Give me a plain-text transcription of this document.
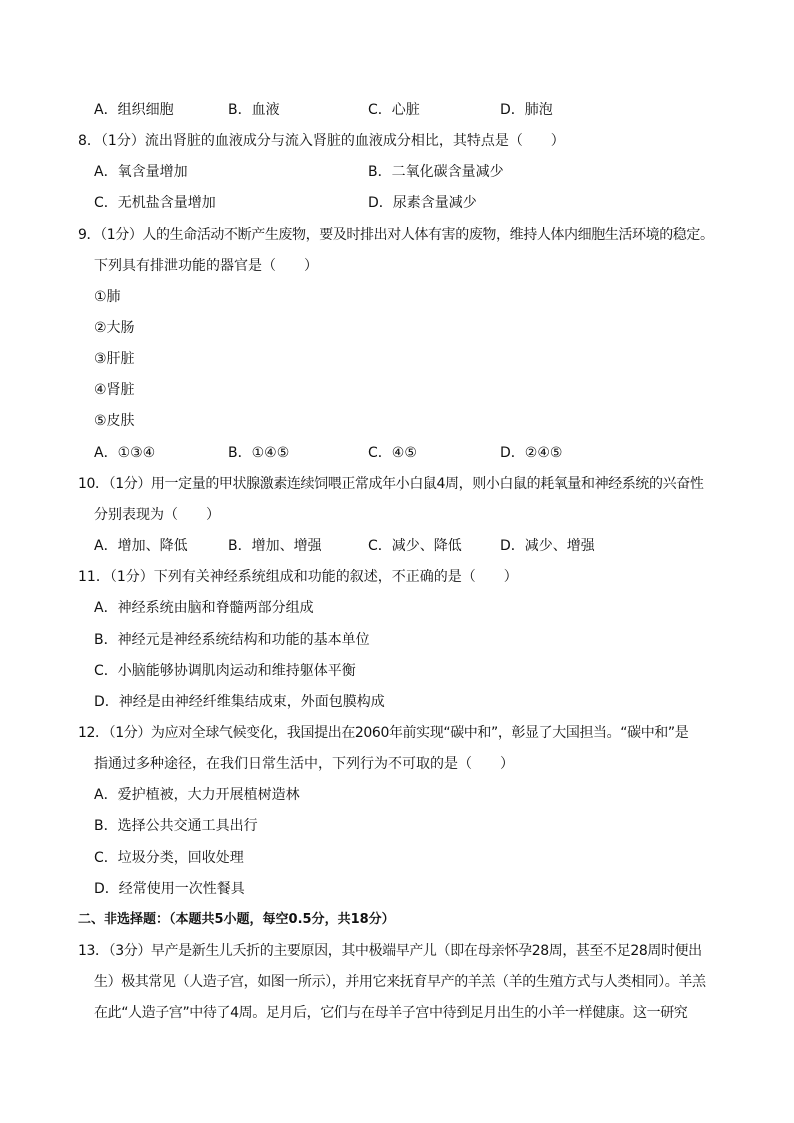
A．组织细胞	B．血液	C．心脏	D．肺泡
8．（1分）流出肾脏的血液成分与流入肾脏的血液成分相比，其特点是（　　）
A．氧含量增加	B．二氧化碳含量减少
C．无机盐含量增加	D．尿素含量减少
9．（1分）人的生命活动不断产生废物，要及时排出对人体有害的废物，维持人体内细胞生活环境的稳定。
下列具有排泄功能的器官是（　　）
①肺
②大肠
③肝脏
④肾脏
⑤皮肤
A．①③④	B．①④⑤	C．④⑤	D．②④⑤
10．（1分）用一定量的甲状腺激素连续饲喂正常成年小白鼠4周，则小白鼠的耗氧量和神经系统的兴奋性
分别表现为（　　）
A．增加、降低	B．增加、增强	C．减少、降低	D．减少、增强
11．（1分）下列有关神经系统组成和功能的叙述，不正确的是（　　）
A．神经系统由脑和脊髓两部分组成
B．神经元是神经系统结构和功能的基本单位
C．小脑能够协调肌肉运动和维持躯体平衡
D．神经是由神经纤维集结成束，外面包膜构成
12．（1分）为应对全球气候变化，我国提出在2060年前实现“碳中和”，彰显了大国担当。“碳中和”是
指通过多种途径，在我们日常生活中，下列行为不可取的是（　　）
A．爱护植被，大力开展植树造林
B．选择公共交通工具出行
C．垃圾分类，回收处理
D．经常使用一次性餐具
二、非选择题：（本题共5小题，每空0.5分，共18分）
13．（3分）早产是新生儿夭折的主要原因，其中极端早产儿（即在母亲怀孕28周，甚至不足28周时便出
生）极其常见（人造子宫，如图一所示），并用它来抚育早产的羊羔（羊的生殖方式与人类相同）。羊羔
在此“人造子宫”中待了4周。足月后，它们与在母羊子宫中待到足月出生的小羊一样健康。这一研究
